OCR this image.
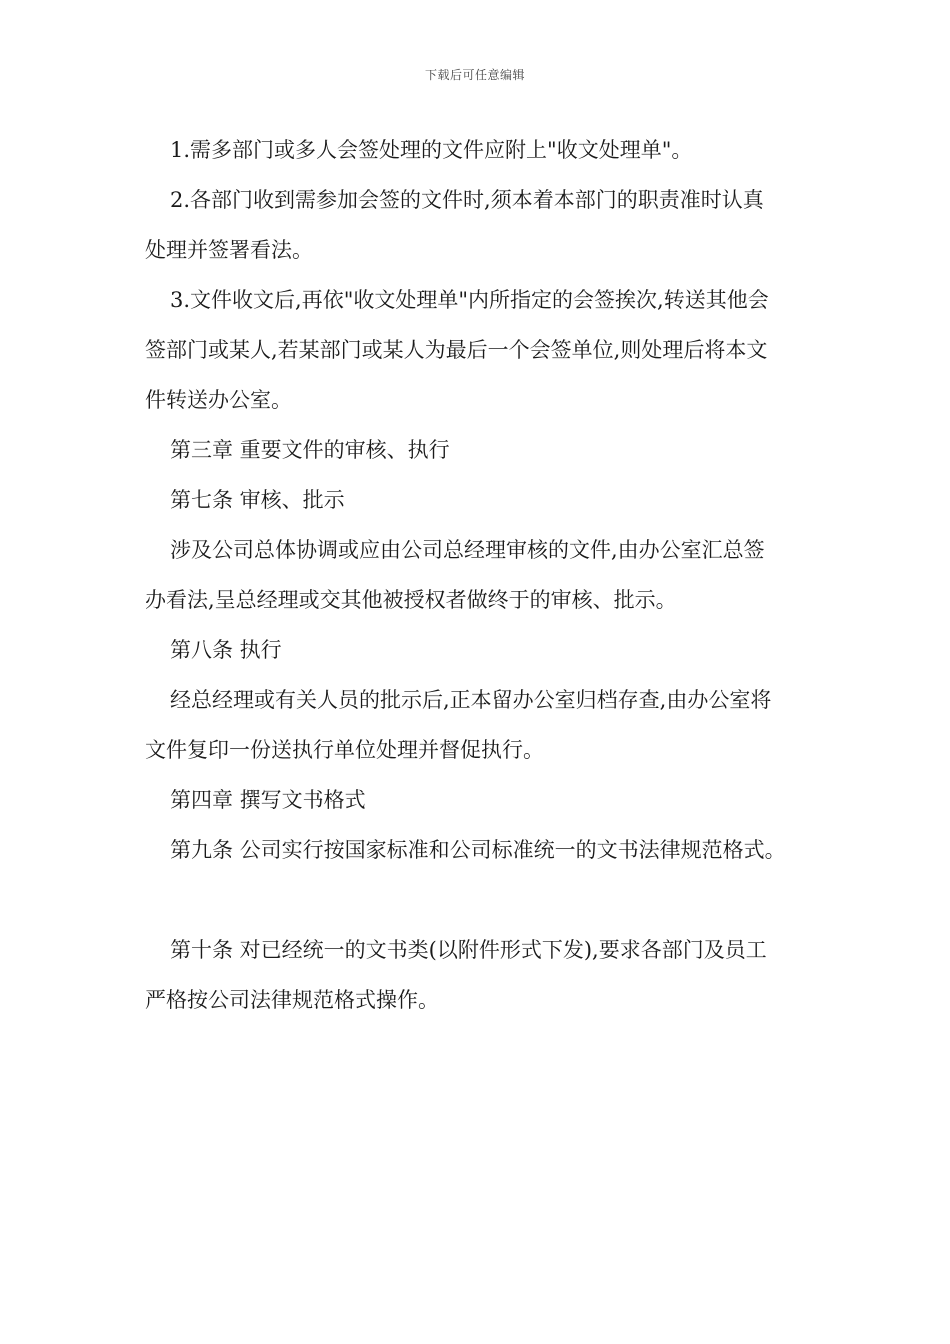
下载后可任意编辑

1.需多部门或多人会签处理的文件应附上"收文处理单"。

2.各部门收到需参加会签的文件时,须本着本部门的职责准时认真
处理并签署看法。

3.文件收文后,再依"收文处理单"内所指定的会签挨次,转送其他会
签部门或某人,若某部门或某人为最后一个会签单位,则处理后将本文
件转送办公室。

第三章 重要文件的审核、执行

第七条 审核、批示

涉及公司总体协调或应由公司总经理审核的文件,由办公室汇总签
办看法,呈总经理或交其他被授权者做终于的审核、批示。

第八条 执行

经总经理或有关人员的批示后,正本留办公室归档存查,由办公室将
文件复印一份送执行单位处理并督促执行。

第四章 撰写文书格式

第九条 公司实行按国家标准和公司标准统一的文书法律规范格式。

第十条 对已经统一的文书类(以附件形式下发),要求各部门及员工
严格按公司法律规范格式操作。
